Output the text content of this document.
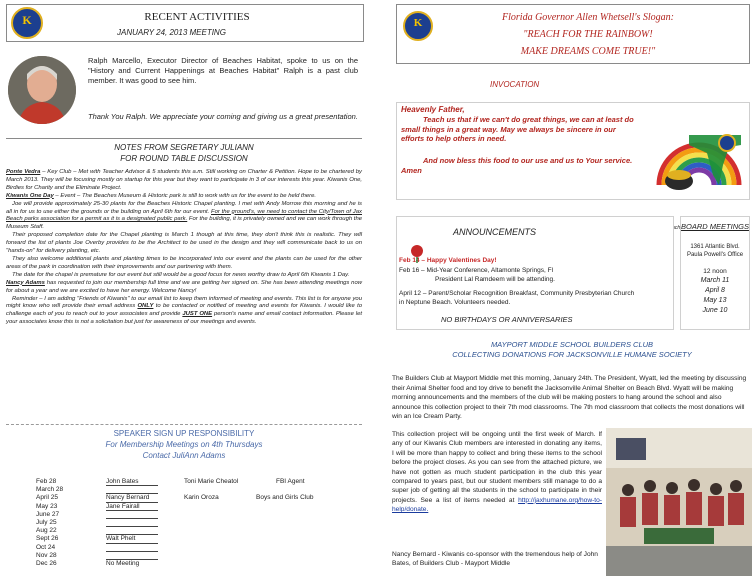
K	RECENT ACTIVITIES
JANUARY 24, 2013 MEETING
Ralph Marcello, Executor Director of Beaches Habitat, spoke to us on the "History and Current Happenings at Beaches Habitat" Ralph is a past club member. It was good to see him.
Thank You Ralph. We appreciate your coming and giving us a great presentation.
NOTES FROM SEGRETARY JULIANN
FOR ROUND TABLE DISCUSSION
Ponte Vedra – Key Club – Met with Teacher Advisor & 5 students this a.m. Still working on Charter & Petition. Hope to be chartered by March 2013. They will be focusing mostly on startup for this year but they want to participate in 3 of our interests this year. Kiwanis One, Birdies for Charity and the Eliminate Project.
Kiwanis One Day – Event – The Beaches Museum & Historic park is still to work with us for the event to be held there.
Joe will provide approximately 25-30 plants for the Beaches Historic Chapel planting. I met with Andy Morrow this morning and he is all in for us to use either the grounds or the building on April 6th for our event. For the ground's, we need to contact the City/Town of Jax Beach parks association for a permit as it is a designated public park. For the building, it is privately owned and we can work through the Museum Staff.
Their proposed completion date for the Chapel planting is March 1 though at this time, they don't think this is realistic. They will forward the list of plants Joe Overby provides to be the Architect to be used in the design and they will communicate back to us on "hands-on" for delivery planting, etc.
They also welcome additional plants and planting times to be incorporated into our event and the plants can be used for the other areas of the park in coordination with their improvements and our partnering with them.
The date for the chapel is premature for our event but still would be a good focus for news worthy draw to April 6th Kiwanis 1 Day.
Nancy Adams has requested to join our membership full time and we are getting her signed on. She has been attending meetings now for about a year and we are excited to have her energy. Welcome Nancy!
Reminder – I am adding "Friends of Kiwanis" to our email list to keep them informed of meeting and events. This list is for anyone you might know who will provide their email address ONLY to be contacted or notified of meeting and events for Kiwanis. I would like to challenge each of you to reach out to your associates and provide JUST ONE person's name and email contact information. Please let your associates know this is not a solicitation but just for awareness of our meetings and events.
SPEAKER SIGN UP RESPONSIBILITY
For Membership Meetings on 4th Thursdays
Contact JuliAnn Adams
Feb 28	John Bates	Toni Marie Cheatol	FBI Agent
March 28
April 25	Nancy Bernard	Karin Oroza	Boys and Girls Club
May 23	Jane Fairall
June 27
July 25
Aug 22
Sept 26	Walt Phelt
Oct 24
Nov 28
Dec 26	No Meeting
K	Florida Governor Allen Whetsell's Slogan:
"REACH FOR THE RAINBOW!
MAKE DREAMS COME TRUE!"
INVOCATION
Heavenly Father,
Teach us that if we can't do great things, we can at least do small things in a great way. May we always be sincere in our efforts to help others in need.
And now bless this food to our use and us to Your service. Amen
ANNOUNCEMENTS
Feb 14 – Happy Valentines Day!
Feb 16 – Mid-Year Conference, Altamonte Springs, Fl
President Lal Ramdeem will be attending.
April 12 – Parent/Scholar Recognition Breakfast, Community Presbyterian Church in Neptune Beach. Volunteers needed.
NO BIRTHDAYS OR ANNIVERSARIES
BOARD MEETINGS
1361 Atlantic Blvd.
Paula Powell's Office
12 noon
March 11
April 8
May 13
June 10
MAYPORT MIDDLE SCHOOL BUILDERS CLUB
COLLECTING DONATIONS FOR JACKSONVILLE HUMANE SOCIETY
The Builders Club at Mayport Middle met this morning, January 24th. The President, Wyatt, led the meeting by discussing their Animal Shelter food and toy drive to benefit the Jacksonville Animal Shelter on Beach Blvd. Wyatt will be making morning announcements and the members of the club will be making posters to hang around the school and also announce this collection project to their 7th mod classrooms. The 7th mod classroom that collects the most donations will win an Ice Cream Party.
This collection project will be ongoing until the first week of March. If any of our Kiwanis Club members are interested in donating any items, I will be more than happy to collect and bring these items to the school before the project closes. As you can see from the attached picture, we have not gotten as much student participation in the club this year compared to years past, but our student members still manage to do a super job of getting all the students in the school to participate in their projects. See a list of items needed at http://jaxhumane.org/how-to-help/donate.
Nancy Bernard - Kiwanis co-sponsor with the tremendous help of John Bates, of Builders Club - Mayport Middle
